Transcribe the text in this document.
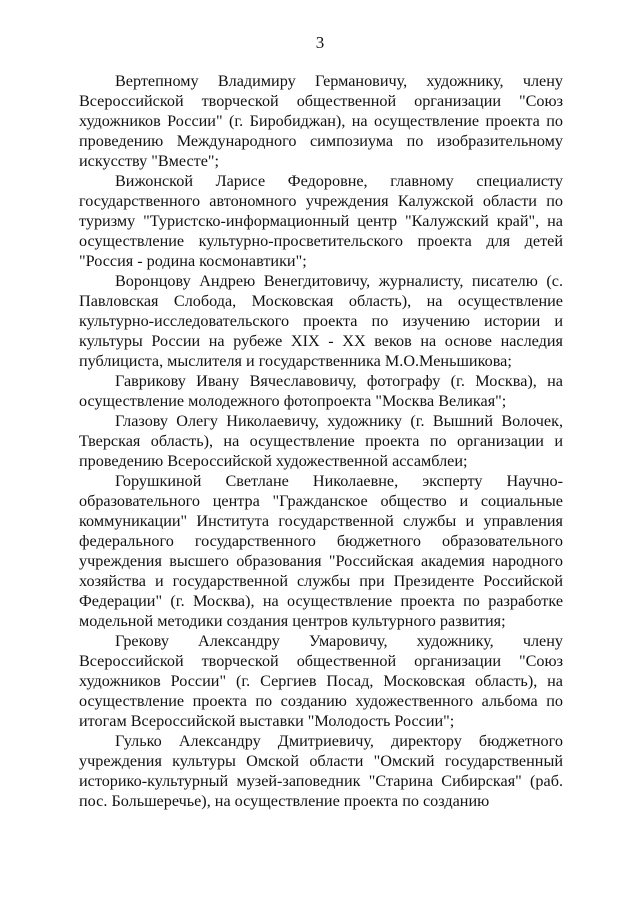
3

Вертепному Владимиру Германовичу, художнику, члену Всероссийской творческой общественной организации "Союз художников России" (г. Биробиджан), на осуществление проекта по проведению Международного симпозиума по изобразительному искусству "Вместе";

Вижонской Ларисе Федоровне, главному специалисту государственного автономного учреждения Калужской области по туризму "Туристско-информационный центр "Калужский край", на осуществление культурно-просветительского проекта для детей "Россия - родина космонавтики";

Воронцову Андрею Венегдитовичу, журналисту, писателю (с. Павловская Слобода, Московская область), на осуществление культурно-исследовательского проекта по изучению истории и культуры России на рубеже XIX - XX веков на основе наследия публициста, мыслителя и государственника М.О.Меньшикова;

Гаврикову Ивану Вячеславовичу, фотографу (г. Москва), на осуществление молодежного фотопроекта "Москва Великая";

Глазову Олегу Николаевичу, художнику (г. Вышний Волочек, Тверская область), на осуществление проекта по организации и проведению Всероссийской художественной ассамблеи;

Горушкиной Светлане Николаевне, эксперту Научно-образовательного центра "Гражданское общество и социальные коммуникации" Института государственной службы и управления федерального государственного бюджетного образовательного учреждения высшего образования "Российская академия народного хозяйства и государственной службы при Президенте Российской Федерации" (г. Москва), на осуществление проекта по разработке модельной методики создания центров культурного развития;

Грекову Александру Умаровичу, художнику, члену Всероссийской творческой общественной организации "Союз художников России" (г. Сергиев Посад, Московская область), на осуществление проекта по созданию художественного альбома по итогам Всероссийской выставки "Молодость России";

Гулько Александру Дмитриевичу, директору бюджетного учреждения культуры Омской области "Омский государственный историко-культурный музей-заповедник "Старина Сибирская" (раб. пос. Большеречье), на осуществление проекта по созданию
